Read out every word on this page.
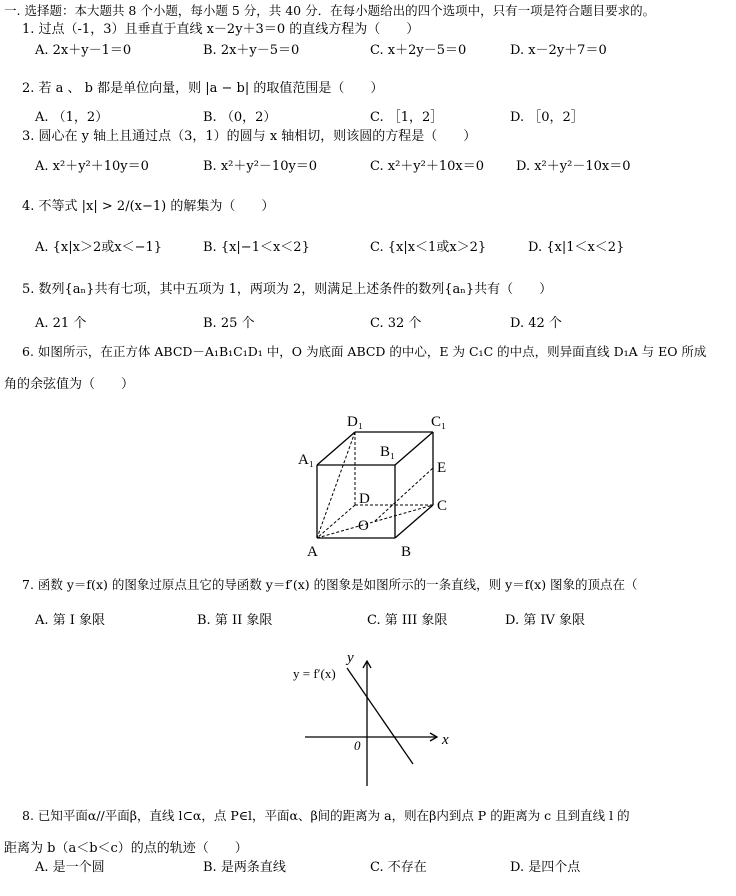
一. 选择题：本大题共 8 个小题，每小题 5 分，共 40 分．在每小题给出的四个选项中，只有一项是符合题目要求的。
1. 过点（-1，3）且垂直于直线 x－2y＋3＝0 的直线方程为（　　）
A. 2x＋y－1＝0	B. 2x＋y－5＝0	C. x＋2y－5＝0	D. x－2y＋7＝0
2. 若 a 、 b 都是单位向量，则 |a − b| 的取值范围是（　　）
A. （1，2）	B. （0，2）	C. ［1，2］	D. ［0，2］
3. 圆心在 y 轴上且通过点（3，1）的圆与 x 轴相切，则该圆的方程是（　　）
A. x²＋y²＋10y＝0	B. x²＋y²－10y＝0	C. x²＋y²＋10x＝0 D. x²＋y²－10x＝0
4. 不等式 |x| > 2/(x−1) 的解集为（　　）
A. {x|x＞2或x＜−1}	B. {x|−1＜x＜2}	C. {x|x＜1或x＞2}	D. {x|1＜x＜2}
5. 数列{aₙ}共有七项，其中五项为 1，两项为 2，则满足上述条件的数列{aₙ}共有（　　）
A. 21 个	B. 25 个	C. 32 个	D. 42 个
6. 如图所示，在正方体 ABCD－A₁B₁C₁D₁ 中，O 为底面 ABCD 的中心，E 为 C₁C 的中点，则异面直线 D₁A 与 EO 所成
角的余弦值为（　　）
D₁	C₁
A₁	B₁
E
D	C
O
A	B
7. 函数 y＝f(x) 的图象过原点且它的导函数 y＝f′(x) 的图象是如图所示的一条直线，则 y＝f(x) 图象的顶点在（
A. 第 I 象限	B. 第 II 象限	C. 第 III 象限	D. 第 IV 象限
y = f′(x)
y
x
0
8. 已知平面α//平面β，直线 l⊂α，点 P∈l，平面α、β间的距离为 a，则在β内到点 P 的距离为 c 且到直线 l 的
距离为 b（a＜b＜c）的点的轨迹（　　）
A. 是一个圆	B. 是两条直线	C. 不存在	D. 是四个点
